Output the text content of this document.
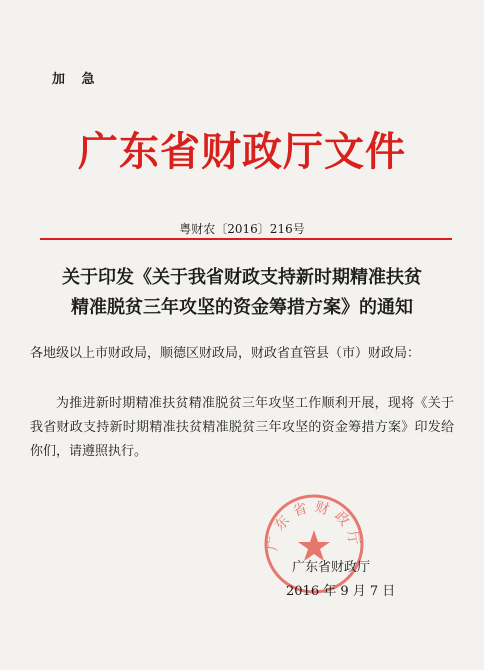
加 急
广东省财政厅文件
粤财农〔2016〕216号
关于印发《关于我省财政支持新时期精准扶贫
精准脱贫三年攻坚的资金筹措方案》的通知
各地级以上市财政局，顺德区财政局，财政省直管县（市）财政局：
为推进新时期精准扶贫精准脱贫三年攻坚工作顺利开展，现将《关于我省财政支持新时期精准扶贫精准脱贫三年攻坚的资金筹措方案》印发给你们，请遵照执行。
广东省财政厅
广东省财政厅
2016 年 9 月 7 日
